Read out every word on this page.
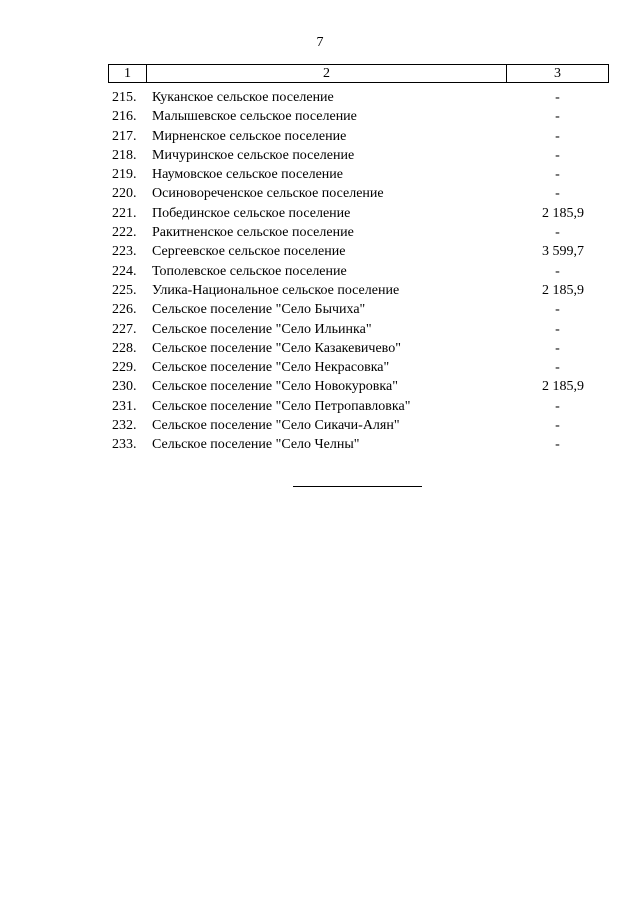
7
1	2	3
215.	Куканское сельское поселение	-
216.	Малышевское сельское поселение	-
217.	Мирненское сельское поселение	-
218.	Мичуринское сельское поселение	-
219.	Наумовское сельское поселение	-
220.	Осиновореченское сельское поселение	-
221.	Побединское сельское поселение	2 185,9
222.	Ракитненское сельское поселение	-
223.	Сергеевское сельское поселение	3 599,7
224.	Тополевское сельское поселение	-
225.	Улика-Национальное сельское поселение	2 185,9
226.	Сельское поселение "Село Бычиха"	-
227.	Сельское поселение "Село Ильинка"	-
228.	Сельское поселение "Село Казакевичево"	-
229.	Сельское поселение "Село Некрасовка"	-
230.	Сельское поселение "Село Новокуровка"	2 185,9
231.	Сельское поселение "Село Петропавловка"	-
232.	Сельское поселение "Село Сикачи-Алян"	-
233.	Сельское поселение "Село Челны"	-
